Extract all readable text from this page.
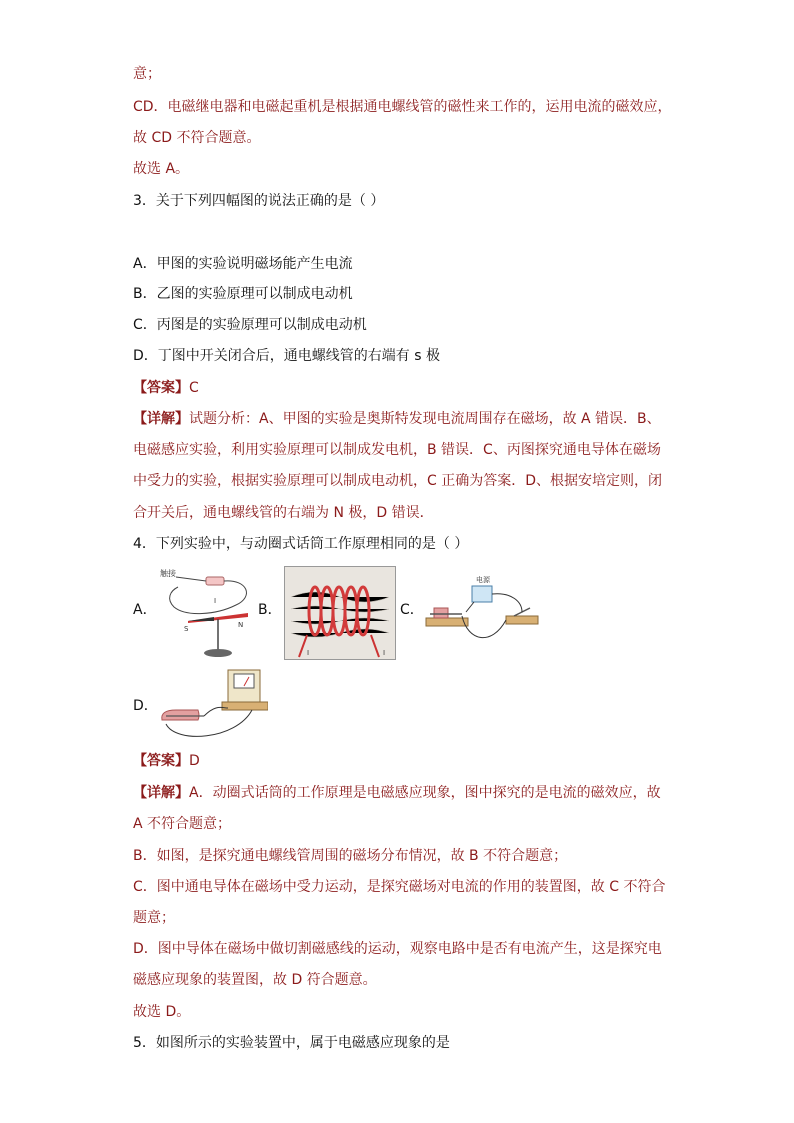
意；
CD．电磁继电器和电磁起重机是根据通电螺线管的磁性来工作的，运用电流的磁效应，
故 CD 不符合题意。
故选 A。
3．关于下列四幅图的说法正确的是（ ）
A．甲图的实验说明磁场能产生电流
B．乙图的实验原理可以制成电动机
C．丙图是的实验原理可以制成电动机
D．丁图中开关闭合后，通电螺线管的右端有 s 极
【答案】C
【详解】试题分析：A、甲图的实验是奥斯特发现电流周围存在磁场，故 A 错误．B、
电磁感应实验，利用实验原理可以制成发电机，B 错误．C、丙图探究通电导体在磁场
中受力的实验，根据实验原理可以制成电动机，C 正确为答案．D、根据安培定则，闭
合开关后，通电螺线管的右端为 N 极，D 错误．
4．下列实验中，与动圈式话筒工作原理相同的是（ ）
A．
触接
I
S	N
B．
I	I
C．
电源
D．
【答案】D
【详解】A．动圈式话筒的工作原理是电磁感应现象，图中探究的是电流的磁效应，故
A 不符合题意；
B．如图，是探究通电螺线管周围的磁场分布情况，故 B 不符合题意；
C．图中通电导体在磁场中受力运动，是探究磁场对电流的作用的装置图，故 C 不符合
题意；
D．图中导体在磁场中做切割磁感线的运动，观察电路中是否有电流产生，这是探究电
磁感应现象的装置图，故 D 符合题意。
故选 D。
5．如图所示的实验装置中，属于电磁感应现象的是
